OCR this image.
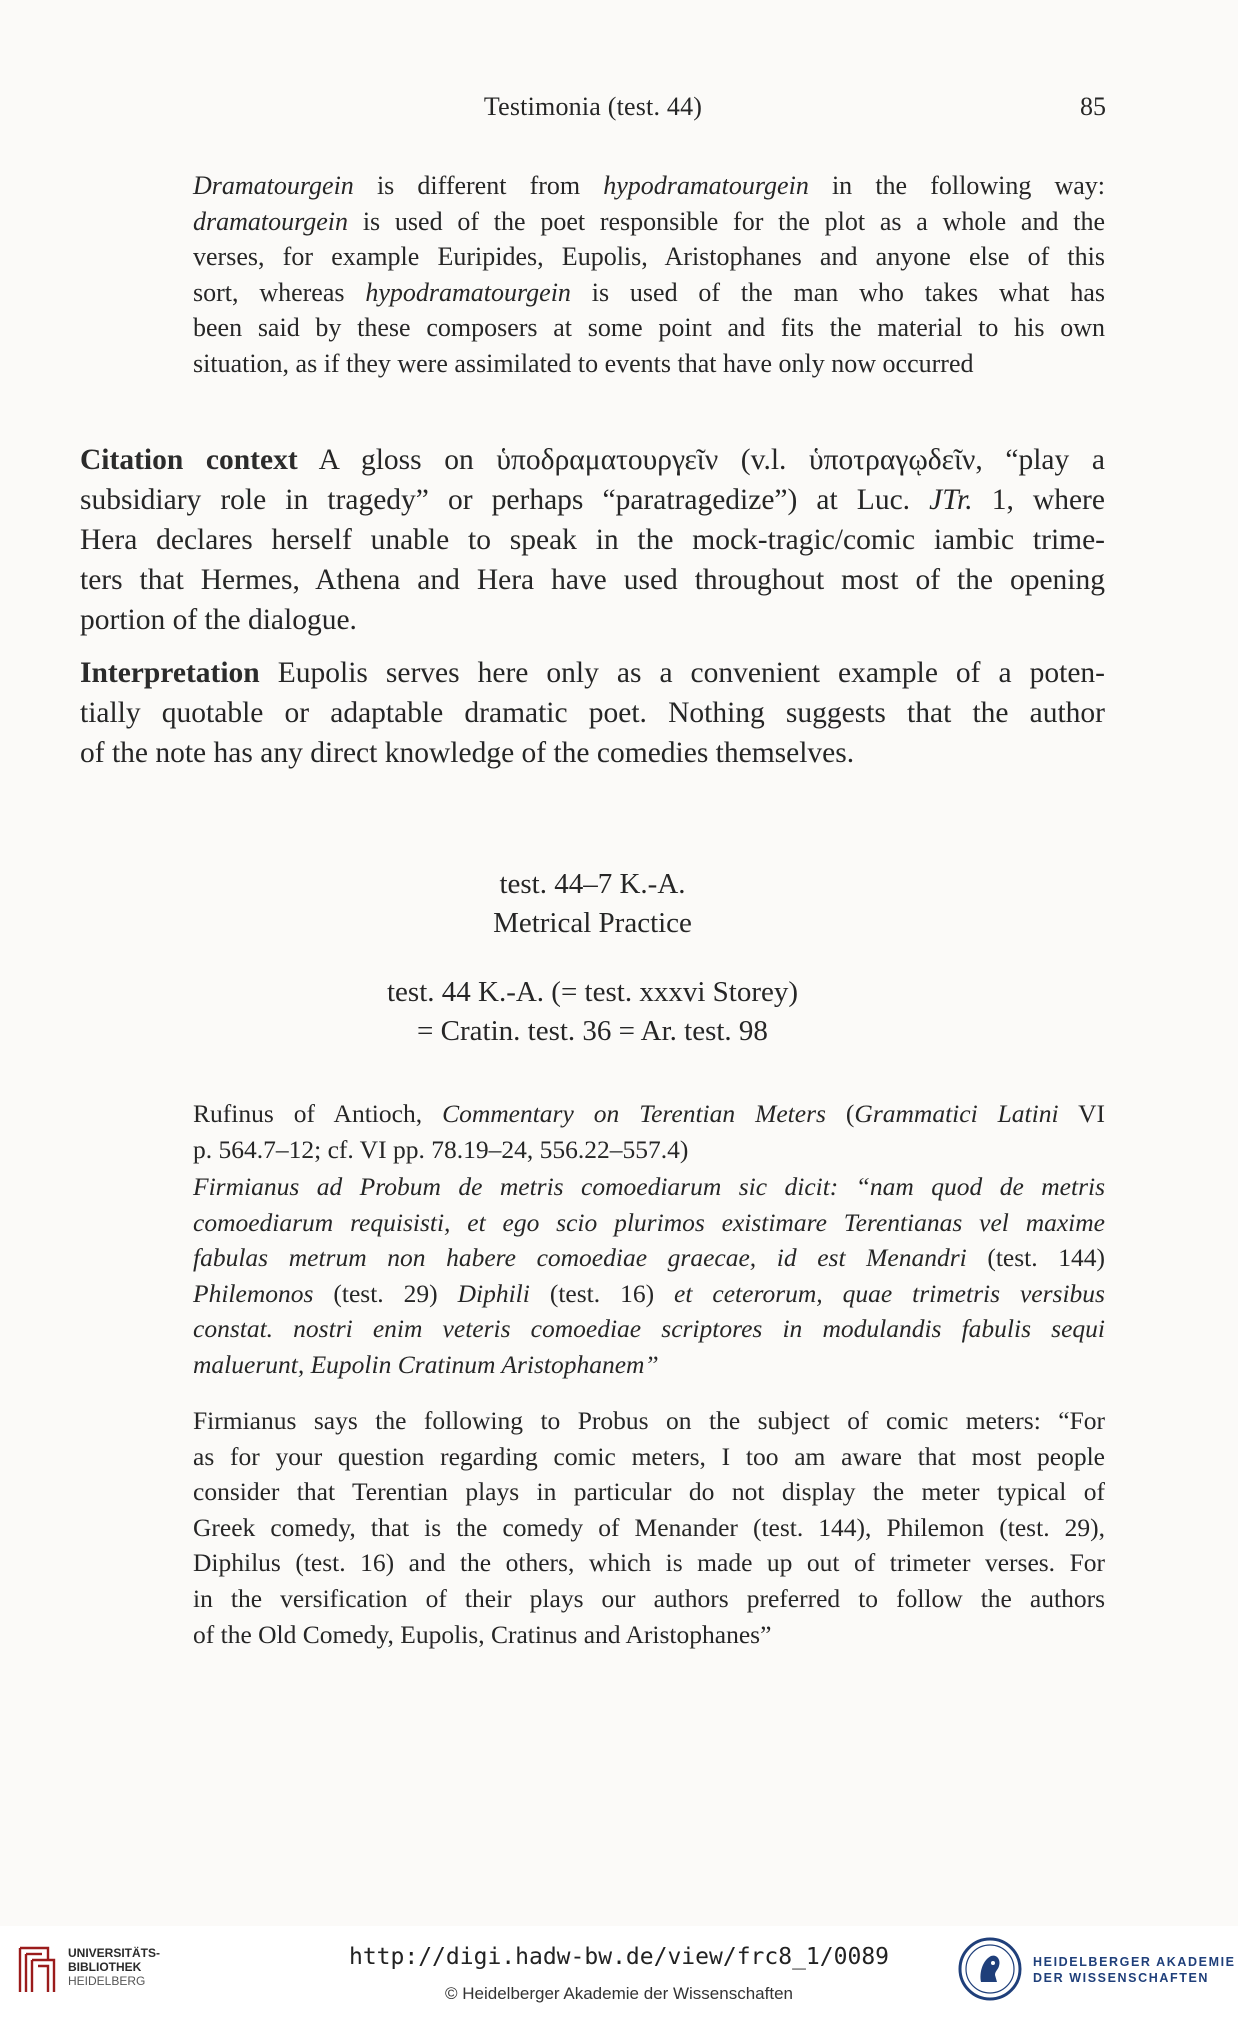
Testimonia (test. 44)	85
Dramatourgein is different from hypodramatourgein in the following way:
dramatourgein is used of the poet responsible for the plot as a whole and the
verses, for example Euripides, Eupolis, Aristophanes and anyone else of this
sort, whereas hypodramatourgein is used of the man who takes what has
been said by these composers at some point and fits the material to his own
situation, as if they were assimilated to events that have only now occurred
Citation context A gloss on ὑποδραματουργεῖν (v.l. ὑποτραγῳδεῖν, “play a
subsidiary role in tragedy” or perhaps “paratragedize”) at Luc. JTr. 1, where
Hera declares herself unable to speak in the mock-tragic/comic iambic trime-
ters that Hermes, Athena and Hera have used throughout most of the opening
portion of the dialogue.
Interpretation Eupolis serves here only as a convenient example of a poten-
tially quotable or adaptable dramatic poet. Nothing suggests that the author
of the note has any direct knowledge of the comedies themselves.
test. 44–7 K.-A.
Metrical Practice
test. 44 K.-A. (= test. xxxvi Storey)
= Cratin. test. 36 = Ar. test. 98
Rufinus of Antioch, Commentary on Terentian Meters (Grammatici Latini VI
p. 564.7–12; cf. VI pp. 78.19–24, 556.22–557.4)
Firmianus ad Probum de metris comoediarum sic dicit: “nam quod de metris
comoediarum requisisti, et ego scio plurimos existimare Terentianas vel maxime
fabulas metrum non habere comoediae graecae, id est Menandri (test. 144)
Philemonos (test. 29) Diphili (test. 16) et ceterorum, quae trimetris versibus
constat. nostri enim veteris comoediae scriptores in modulandis fabulis sequi
maluerunt, Eupolin Cratinum Aristophanem”
Firmianus says the following to Probus on the subject of comic meters: “For
as for your question regarding comic meters, I too am aware that most people
consider that Terentian plays in particular do not display the meter typical of
Greek comedy, that is the comedy of Menander (test. 144), Philemon (test. 29),
Diphilus (test. 16) and the others, which is made up out of trimeter verses. For
in the versification of their plays our authors preferred to follow the authors
of the Old Comedy, Eupolis, Cratinus and Aristophanes”
UNIVERSITÄTS-
BIBLIOTHEK
HEIDELBERG
http://digi.hadw-bw.de/view/frc8_1/0089
© Heidelberger Akademie der Wissenschaften
HEIDELBERGER AKADEMIE
DER WISSENSCHAFTEN
